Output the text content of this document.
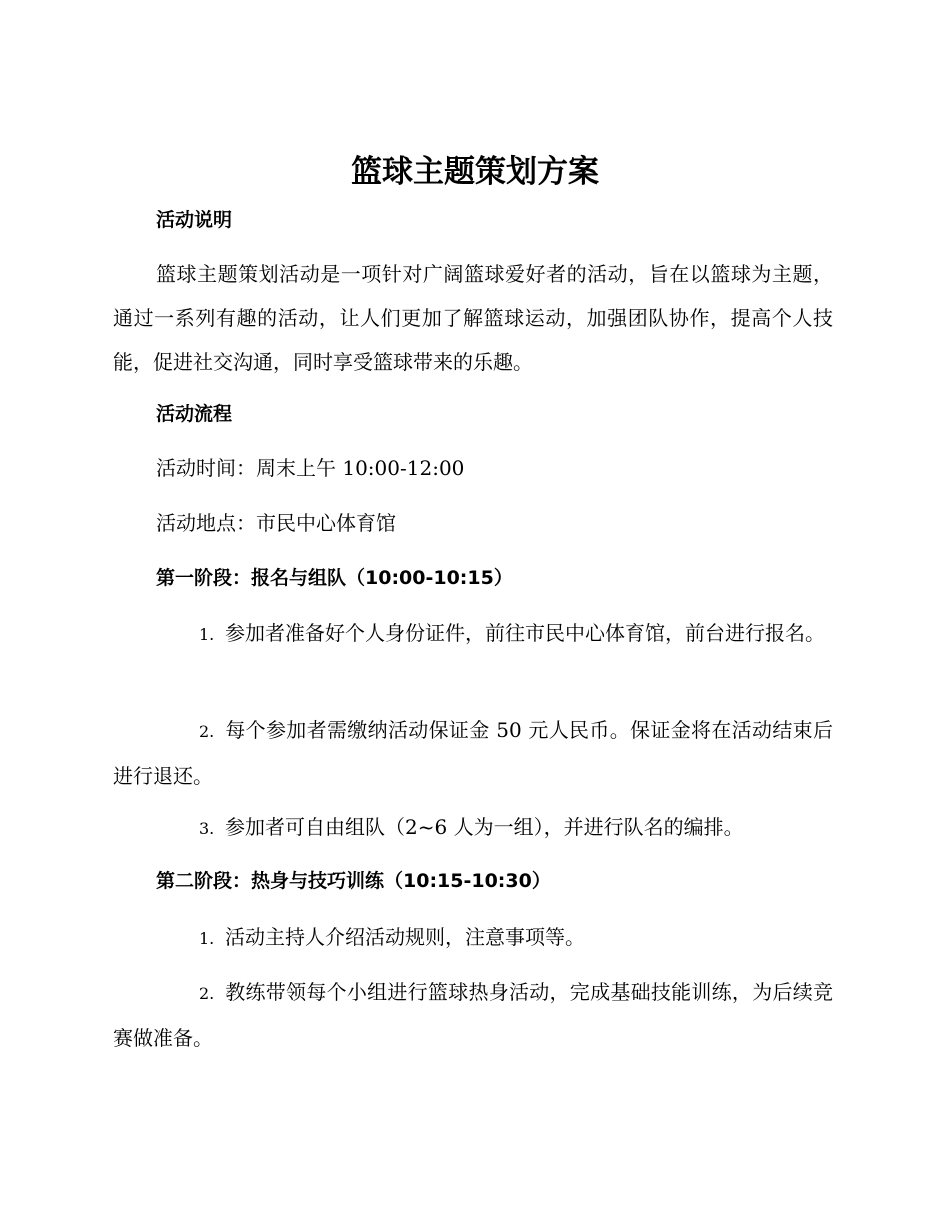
篮球主题策划方案

活动说明

篮球主题策划活动是一项针对广阔篮球爱好者的活动，旨在以篮球为主题，通过一系列有趣的活动，让人们更加了解篮球运动，加强团队协作，提高个人技能，促进社交沟通，同时享受篮球带来的乐趣。

活动流程

活动时间：周末上午 10:00-12:00

活动地点：市民中心体育馆

第一阶段：报名与组队（10:00-10:15）

1. 参加者准备好个人身份证件，前往市民中心体育馆，前台进行报名。

2. 每个参加者需缴纳活动保证金 50 元人民币。保证金将在活动结束后进行退还。

3. 参加者可自由组队（2~6 人为一组），并进行队名的编排。

第二阶段：热身与技巧训练（10:15-10:30）

1. 活动主持人介绍活动规则，注意事项等。

2. 教练带领每个小组进行篮球热身活动，完成基础技能训练，为后续竞赛做准备。
